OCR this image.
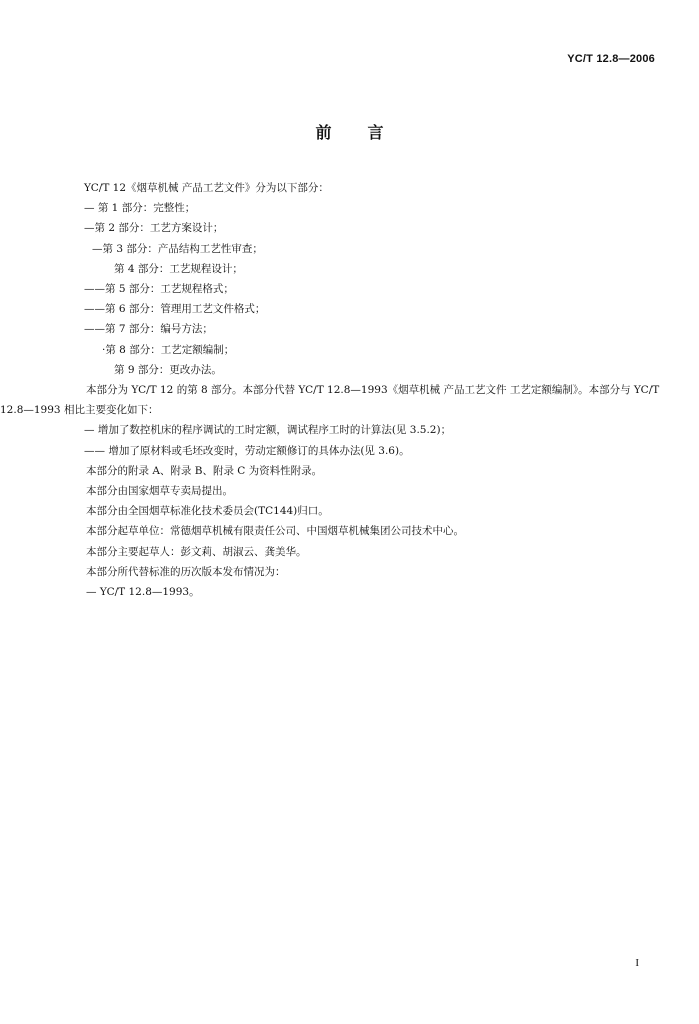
YC/T 12.8—2006
前言
YC/T 12《烟草机械 产品工艺文件》分为以下部分：
— 第 1 部分：完整性；
—第 2 部分：工艺方案设计；
—第 3 部分：产品结构工艺性审查；
第 4 部分：工艺规程设计；
——第 5 部分：工艺规程格式；
——第 6 部分：管理用工艺文件格式；
——第 7 部分：编号方法；
·第 8 部分：工艺定额编制；
第 9 部分：更改办法。
本部分为 YC/T 12 的第 8 部分。本部分代替 YC/T 12.8—1993《烟草机械 产品工艺文件 工艺定额编制》。本部分与 YC/T 12.8—1993 相比主要变化如下：
— 增加了数控机床的程序调试的工时定额，调试程序工时的计算法(见 3.5.2)；
—— 增加了原材料或毛坯改变时，劳动定额修订的具体办法(见 3.6)。
本部分的附录 A、附录 B、附录 C 为资料性附录。
本部分由国家烟草专卖局提出。
本部分由全国烟草标准化技术委员会(TC144)归口。
本部分起草单位：常德烟草机械有限责任公司、中国烟草机械集团公司技术中心。
本部分主要起草人：彭文莉、胡淑云、龚美华。
本部分所代替标准的历次版本发布情况为：
— YC/T 12.8—1993。
I
